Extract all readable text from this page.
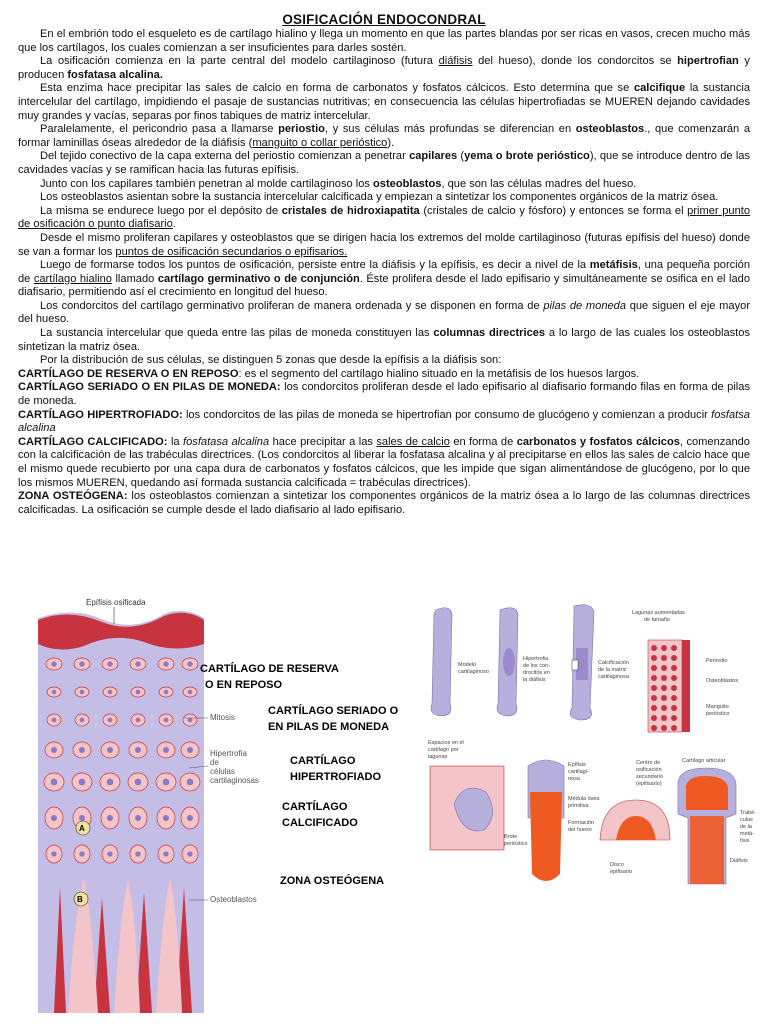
OSIFICACIÓN ENDOCONDRAL

En el embrión todo el esqueleto es de cartílago hialino y llega un momento en que las partes blandas por ser ricas en vasos, crecen mucho más que los cartílagos, los cuales comienzan a ser insuficientes para darles sostén.

La osificación comienza en la parte central del modelo cartilaginoso (futura diáfisis del hueso), donde los condorcitos se hipertrofian y producen fosfatasa alcalina.

Esta enzima hace precipitar las sales de calcio en forma de carbonatos y fosfatos cálcicos. Esto determina que se calcifique la sustancia intercelular del cartílago, impidiendo el pasaje de sustancias nutritivas; en consecuencia las células hipertrofiadas se MUEREN dejando cavidades muy grandes y vacías, separas por finos tabiques de matriz intercelular.

Paralelamente, el pericondrio pasa a llamarse periostio, y sus células más profundas se diferencian en osteoblastos., que comenzarán a formar laminillas óseas alrededor de la diáfisis (manguito o collar perióstico).

Del tejido conectivo de la capa externa del periostio comienzan a penetrar capilares (yema o brote perióstico), que se introduce dentro de las cavidades vacías y se ramifican hacia las futuras epífisis.

Junto con los capilares también penetran al molde cartilaginoso los osteoblastos, que son las células madres del hueso.

Los osteoblastos asientan sobre la sustancia intercelular calcificada y empiezan a sintetizar los componentes orgánicos de la matriz ósea.

La misma se endurece luego por el depósito de cristales de hidroxiapatita (cristales de calcio y fósforo) y entonces se forma el primer punto de osificación o punto diafisario.

Desde el mismo proliferan capilares y osteoblastos que se dirigen hacia los extremos del molde cartilaginoso (futuras epífisis del hueso) donde se van a formar los puntos de osificación secundarios o epifisarios.

Luego de formarse todos los puntos de osificación, persiste entre la diáfisis y la epífisis, es decir a nivel de la metáfisis, una pequeña porción de cartílago hialino llamado cartílago germinativo o de conjunción. Éste prolifera desde el lado epifisario y simultáneamente se osifica en el lado diafisario, permitiendo así el crecimiento en longitud del hueso.

Los condorcitos del cartílago germinativo proliferan de manera ordenada y se disponen en forma de pilas de moneda que siguen el eje mayor del hueso.

La sustancia intercelular que queda entre las pilas de moneda constituyen las columnas directrices a lo largo de las cuales los osteoblastos sintetizan la matriz ósea.

Por la distribución de sus células, se distinguen 5 zonas que desde la epífisis a la diáfisis son:

CARTÍLAGO DE RESERVA O EN REPOSO: es el segmento del cartílago hialino situado en la metáfisis de los huesos largos.

CARTÍLAGO SERIADO O EN PILAS DE MONEDA: los condorcitos proliferan desde el lado epifisario al diafisario formando filas en forma de pilas de moneda.

CARTÍLAGO HIPERTROFIADO: los condorcitos de las pilas de moneda se hipertrofian por consumo de glucógeno y comienzan a producir fosfatsa alcalina

CARTÍLAGO CALCIFICADO: la fosfatasa alcalina hace precipitar a las sales de calcio en forma de carbonatos y fosfatos cálcicos, comenzando con la calcificación de las trabéculas directrices. (Los condorcitos al liberar la fosfatasa alcalina y al precipitarse en ellos las sales de calcio hace que el mismo quede recubierto por una capa dura de carbonatos y fosfatos cálcicos, que les impide que sigan alimentándose de glucógeno, por lo que los mismos MUEREN, quedando así formada sustancia calcificada = trabéculas directrices).

ZONA OSTEÓGENA: los osteoblastos comienzan a sintetizar los componentes orgánicos de la matriz ósea a lo largo de las columnas directrices calcificadas. La osificación se cumple desde el lado diafisario al lado epifisario.

Epífisis osificada
A
B
Mitosis
Hipertrofia
de
células
cartilaginosas
Osteoblastos
CARTÍLAGO DE RESERVA
O EN REPOSO
CARTÍLAGO SERIADO O
EN PILAS DE MONEDA
CARTÍLAGO
HIPERTROFIADO
CARTÍLAGO
CALCIFICADO
ZONA OSTEÓGENA
Modelo
cartilaginoso
Hipertrofia
de los con-
drocitos en
la diáfisis
Calcificación
de la matriz
cartilaginosa
Lagunas aumentadas
de tamaño
Periostio
Osteoblastos
Manguito
perióstico
Espacios en el
cartílago por
lagunas
Brote
perióstico
Epífisis
cartilagi-
nosa
Médula ósea
primitiva
Formación
del hueso
Centro de
osificación
secundario
(epifisario)
Disco
epifisario
Cartílago articular
Trabé-
culas
de la
metá-
fisis
Diáfisis
